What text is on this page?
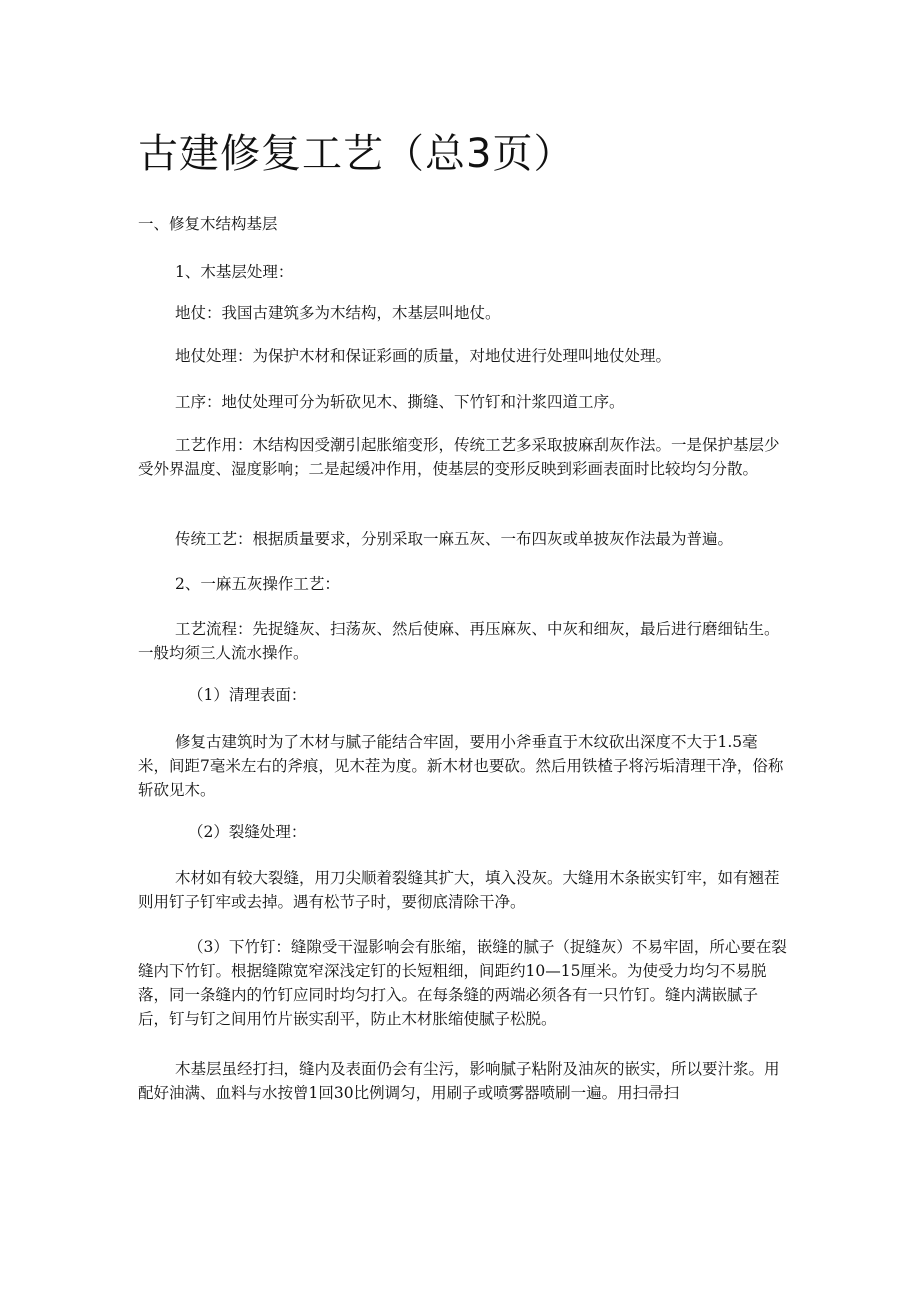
古建修复工艺（总3页）

一、修复木结构基层

1、木基层处理：

地仗：我国古建筑多为木结构，木基层叫地仗。

地仗处理：为保护木材和保证彩画的质量，对地仗进行处理叫地仗处理。

工序：地仗处理可分为斩砍见木、撕缝、下竹钉和汁浆四道工序。

工艺作用：木结构因受潮引起胀缩变形，传统工艺多采取披麻刮灰作法。一是保护基层少受外界温度、湿度影响；二是起缓冲作用，使基层的变形反映到彩画表面时比较均匀分散。

传统工艺：根据质量要求，分别采取一麻五灰、一布四灰或单披灰作法最为普遍。

2、一麻五灰操作工艺：

工艺流程：先捉缝灰、扫荡灰、然后使麻、再压麻灰、中灰和细灰，最后进行磨细钻生。一般均须三人流水操作。

（1）清理表面：

修复古建筑时为了木材与腻子能结合牢固，要用小斧垂直于木纹砍出深度不大于1.5毫米，间距7毫米左右的斧痕，见木茬为度。新木材也要砍。然后用铁楂子将污垢清理干净，俗称斩砍见木。

（2）裂缝处理：

木材如有较大裂缝，用刀尖顺着裂缝其扩大，填入没灰。大缝用木条嵌实钉牢，如有翘茬则用钉子钉牢或去掉。遇有松节子时，要彻底清除干净。

（3）下竹钉：缝隙受干湿影响会有胀缩，嵌缝的腻子（捉缝灰）不易牢固，所心要在裂缝内下竹钉。根据缝隙宽窄深浅定钉的长短粗细，间距约10—15厘米。为使受力均匀不易脱落，同一条缝内的竹钉应同时均匀打入。在每条缝的两端必须各有一只竹钉。缝内满嵌腻子后，钉与钉之间用竹片嵌实刮平，防止木材胀缩使腻子松脱。

木基层虽经打扫，缝内及表面仍会有尘污，影响腻子粘附及油灰的嵌实，所以要汁浆。用配好油满、血料与水按曾1回30比例调匀，用刷子或喷雾器喷刷一遍。用扫帚扫
